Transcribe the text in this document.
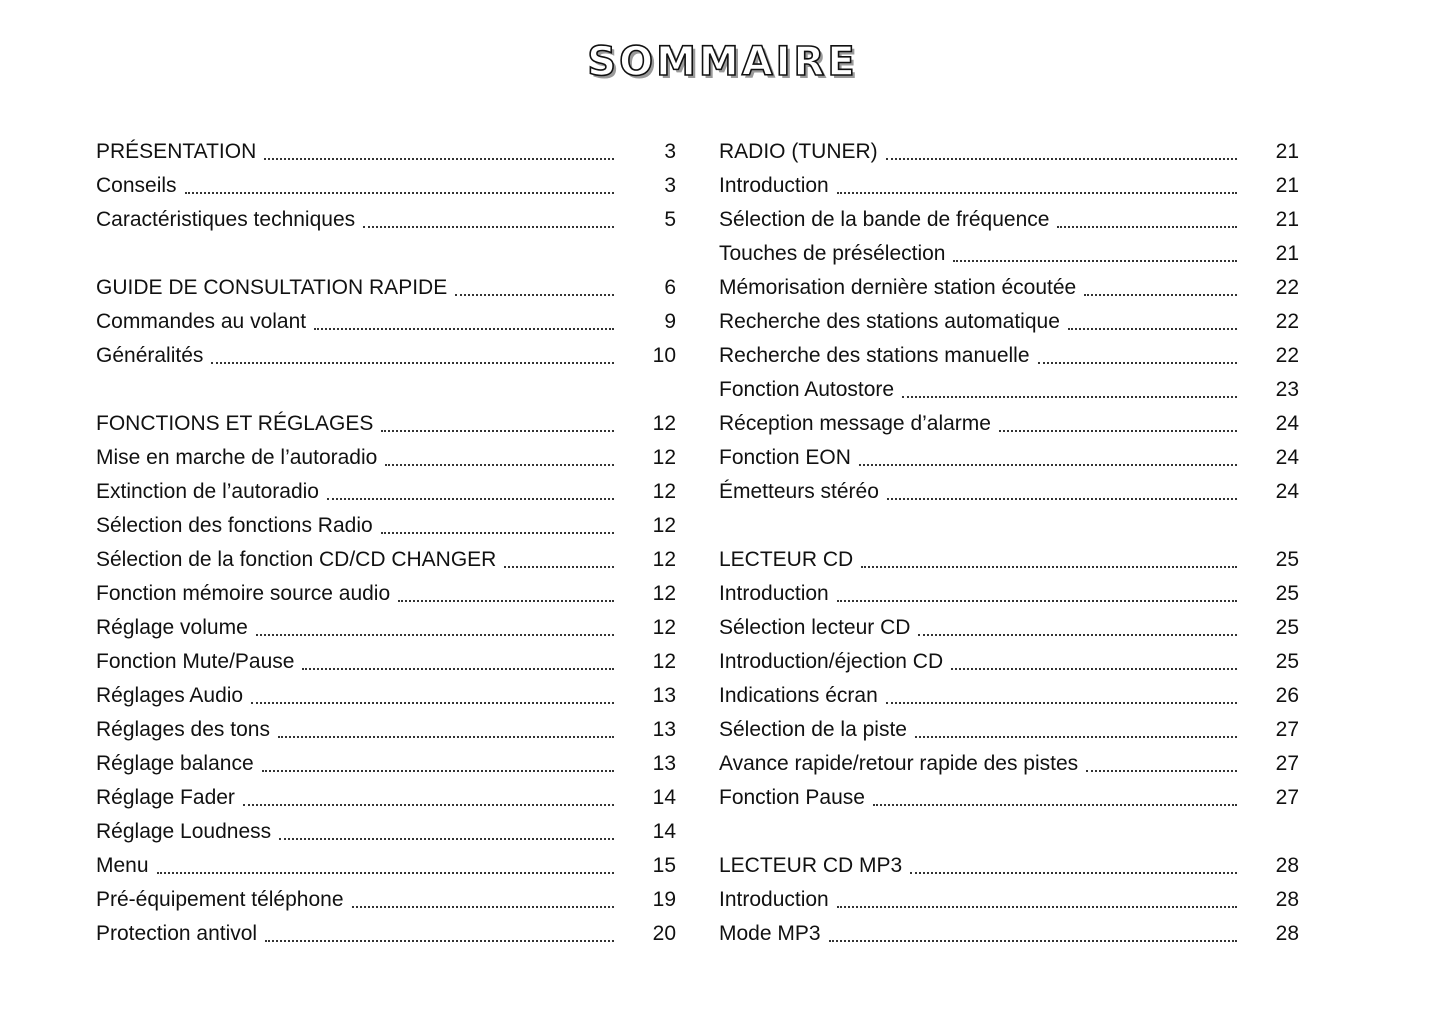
SOMMAIRE
PRÉSENTATION	3
Conseils	3
Caractéristiques techniques	5
GUIDE DE CONSULTATION RAPIDE	6
Commandes au volant	9
Généralités	10
FONCTIONS ET RÉGLAGES	12
Mise en marche de l’autoradio	12
Extinction de l’autoradio	12
Sélection des fonctions Radio	12
Sélection de la fonction CD/CD CHANGER	12
Fonction mémoire source audio	12
Réglage volume	12
Fonction Mute/Pause	12
Réglages Audio	13
Réglages des tons	13
Réglage balance	13
Réglage Fader	14
Réglage Loudness	14
Menu	15
Pré-équipement téléphone	19
Protection antivol	20
RADIO (TUNER)	21
Introduction	21
Sélection de la bande de fréquence	21
Touches de présélection	21
Mémorisation dernière station écoutée	22
Recherche des stations automatique	22
Recherche des stations manuelle	22
Fonction Autostore	23
Réception message d’alarme	24
Fonction EON	24
Émetteurs stéréo	24
LECTEUR CD	25
Introduction	25
Sélection lecteur CD	25
Introduction/éjection CD	25
Indications écran	26
Sélection de la piste	27
Avance rapide/retour rapide des pistes	27
Fonction Pause	27
LECTEUR CD MP3	28
Introduction	28
Mode MP3	28
